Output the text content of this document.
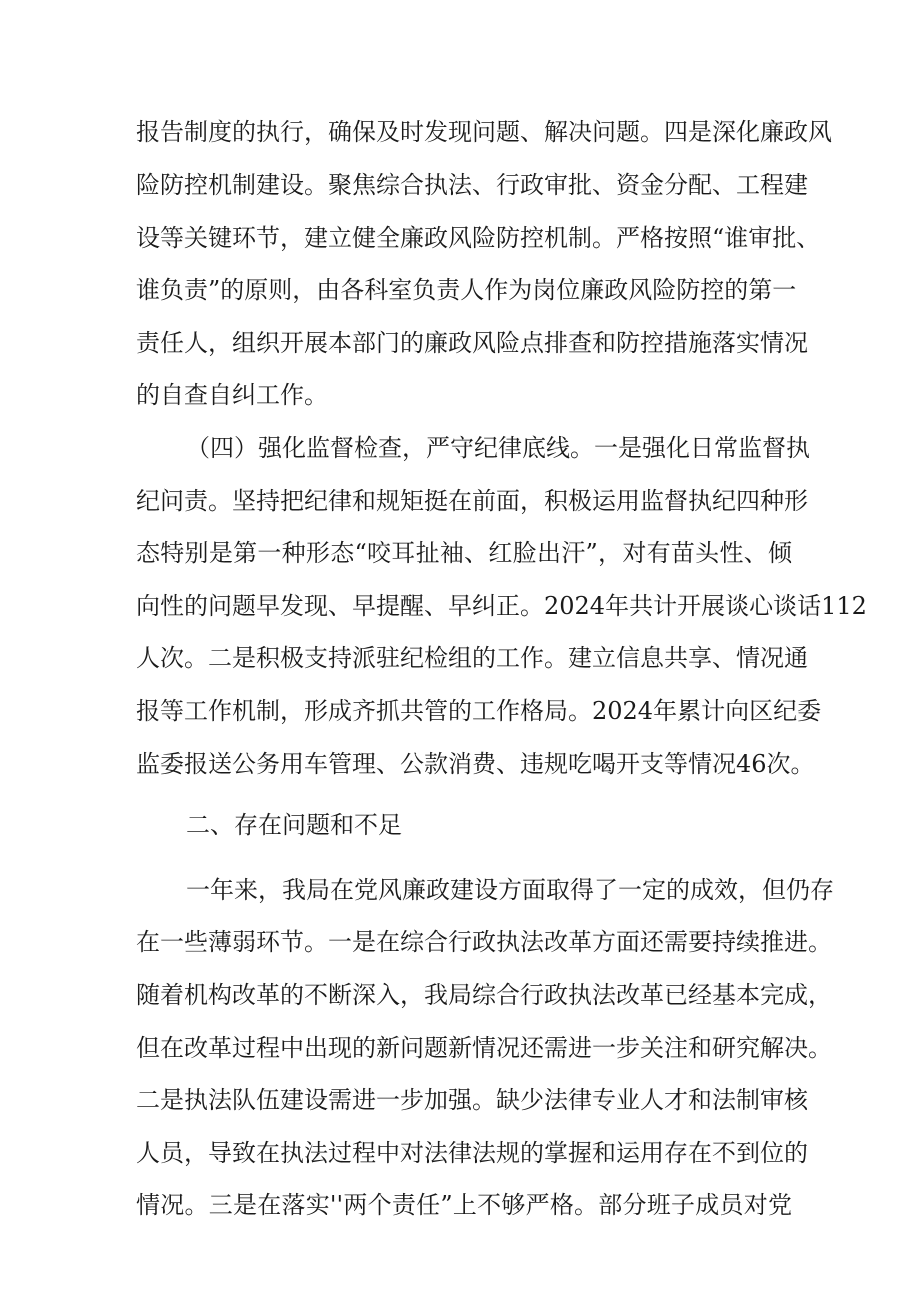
报告制度的执行，确保及时发现问题、解决问题。四是深化廉政风
险防控机制建设。聚焦综合执法、行政审批、资金分配、工程建
设等关键环节，建立健全廉政风险防控机制。严格按照“谁审批、
谁负责”的原则，由各科室负责人作为岗位廉政风险防控的第一
责任人，组织开展本部门的廉政风险点排查和防控措施落实情况
的自查自纠工作。
（四）强化监督检查，严守纪律底线。一是强化日常监督执
纪问责。坚持把纪律和规矩挺在前面，积极运用监督执纪四种形
态特别是第一种形态“咬耳扯袖、红脸出汗”，对有苗头性、倾
向性的问题早发现、早提醒、早纠正。2024年共计开展谈心谈话112
人次。二是积极支持派驻纪检组的工作。建立信息共享、情况通
报等工作机制，形成齐抓共管的工作格局。2024年累计向区纪委
监委报送公务用车管理、公款消费、违规吃喝开支等情况46次。
二、存在问题和不足
一年来，我局在党风廉政建设方面取得了一定的成效，但仍存
在一些薄弱环节。一是在综合行政执法改革方面还需要持续推进。
随着机构改革的不断深入，我局综合行政执法改革已经基本完成，
但在改革过程中出现的新问题新情况还需进一步关注和研究解决。
二是执法队伍建设需进一步加强。缺少法律专业人才和法制审核
人员，导致在执法过程中对法律法规的掌握和运用存在不到位的
情况。三是在落实''两个责任”上不够严格。部分班子成员对党
